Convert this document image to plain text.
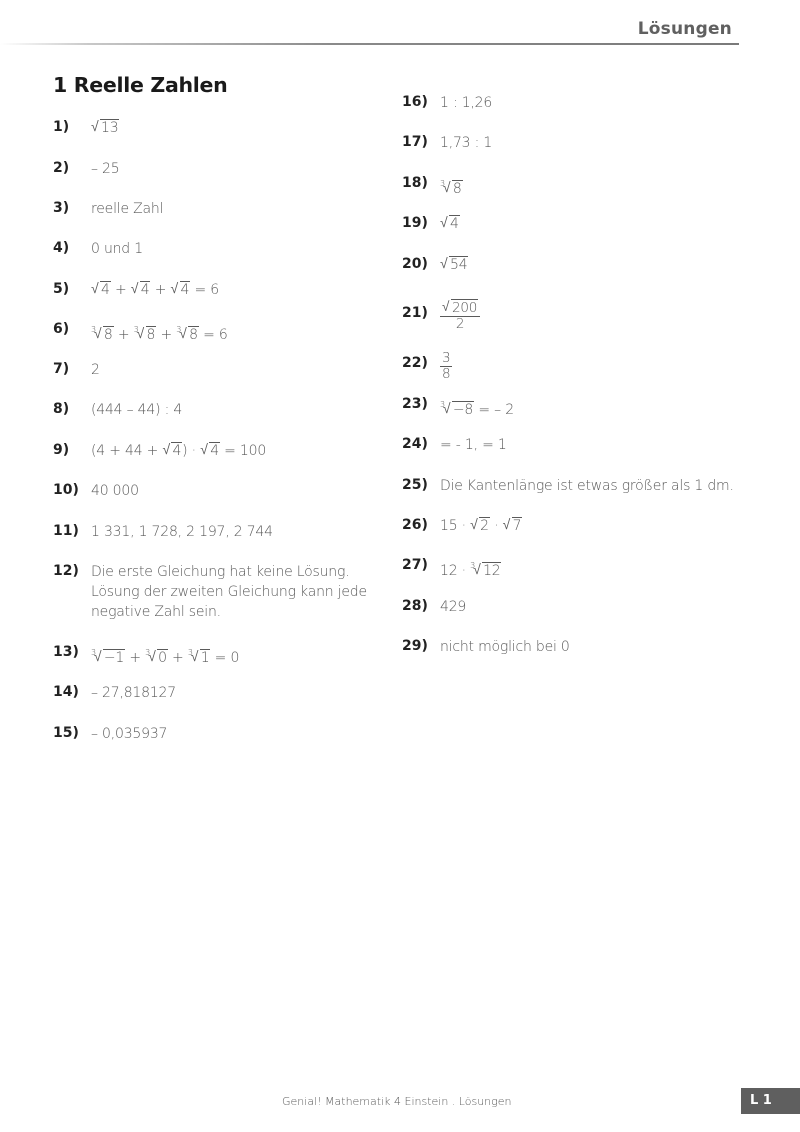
Lösungen
1 Reelle Zahlen
1)	√ 13
2)	– 25
3)	reelle Zahl
4)	0 und 1
5)	√ 4 + √ 4 + √ 4 = 6
6)	$^3$ √ 8 + $^3$ √ 8 + $^3$ √ 8 = 6
7)	2
8)	(444 – 44) : 4
9)	(4 + 44 + √ 4) · √ 4 = 100
10) 40 000
11) 1 331, 1 728, 2 197, 2 744
12) Die erste Gleichung hat keine Lösung. Lösung der zweiten Gleichung kann jede negative Zahl sein.
13)	$^3$ √ −1 + $^3$ √ 0 + $^3$ √ 1 = 0
14) – 27,818127
15) – 0,035937
16) 1 : 1,26
17) 1,73 : 1
18)	$^3$ √ 8
19)	√ 4
20)	√ 54
21) √ $\frac{200}{2}$
$22) \frac{3}{8}$
23)	$^3$ √ −8 = – 2
24) = - 1, = 1
25) Die Kantenlänge ist etwas größer als 1 dm.
26) 15 · √ 2 · √ 7
27) 12 · $^3$ √ 12
28) 429
29) nicht möglich bei 0
Genial! Mathematik 4 Einstein . Lösungen	L 1
